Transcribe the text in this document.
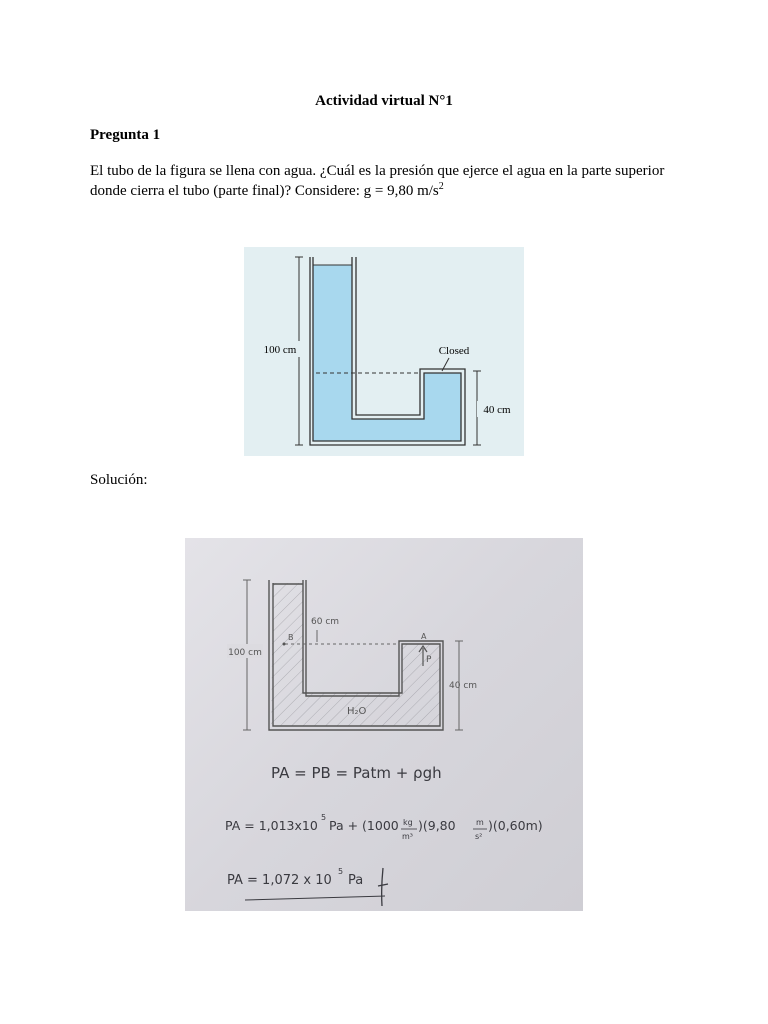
Actividad virtual N°1
Pregunta 1
El tubo de la figura se llena con agua. ¿Cuál es la presión que ejerce el agua en la parte superior
donde cierra el tubo (parte final)? Considere: g = 9,80 $m/s^2$
100 cm	Closed
40 cm
Solución:
100 cm
60 cm
B	A
P
40 cm
H₂O
PA = PB = Patm + ρgh
PA = 1,013x10
5
Pa + (1000 kg
m³
)(9,80	m
s²
)(0,60m)
PA = 1,072 x 10
5
Pa
